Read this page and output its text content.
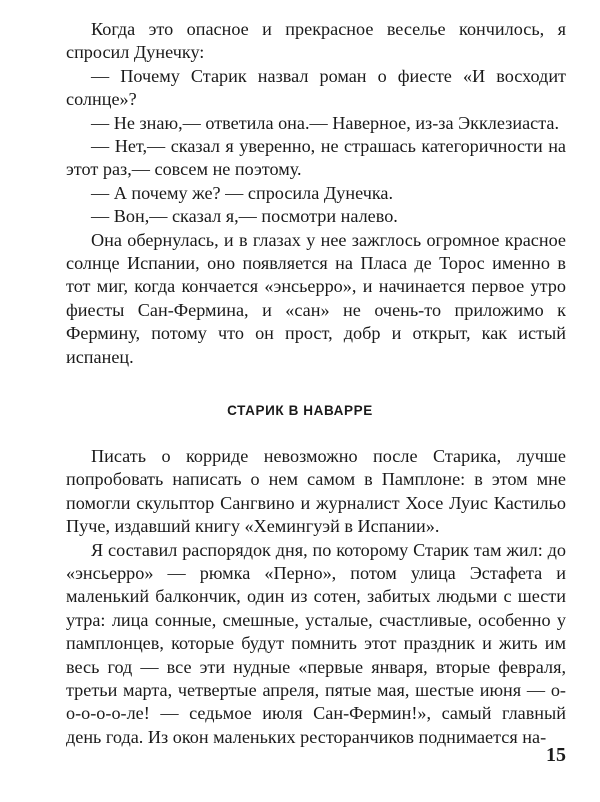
Когда это опасное и прекрасное веселье кончилось, я спросил Дунечку:

— Почему Старик назвал роман о фиесте «И восходит солнце»?

— Не знаю,— ответила она.— Наверное, из-за Экклезиаста.

— Нет,— сказал я уверенно, не страшась категоричности на этот раз,— совсем не поэтому.

— А почему же? — спросила Дунечка.

— Вон,— сказал я,— посмотри налево.

Она обернулась, и в глазах у нее зажглось огромное красное солнце Испании, оно появляется на Пласа де Торос именно в тот миг, когда кончается «энсьерро», и начинается первое утро фиесты Сан-Фермина, и «сан» не очень-то приложимо к Фермину, потому что он прост, добр и открыт, как истый испанец.

СТАРИК В НАВАРРЕ

Писать о корриде невозможно после Старика, лучше попробовать написать о нем самом в Памплоне: в этом мне помогли скульптор Сангвино и журналист Хосе Луис Кастильо Пуче, издавший книгу «Хемингуэй в Испании».

Я составил распорядок дня, по которому Старик там жил: до «энсьерро» — рюмка «Перно», потом улица Эстафета и маленький балкончик, один из сотен, забитых людьми с шести утра: лица сонные, смешные, усталые, счастливые, особенно у памплонцев, которые будут помнить этот праздник и жить им весь год — все эти нудные «первые января, вторые февраля, третьи марта, четвертые апреля, пятые мая, шестые июня — о-о-о-о-о-ле! — седьмое июля Сан-Фермин!», самый главный день года. Из окон маленьких ресторанчиков поднимается на-

15
